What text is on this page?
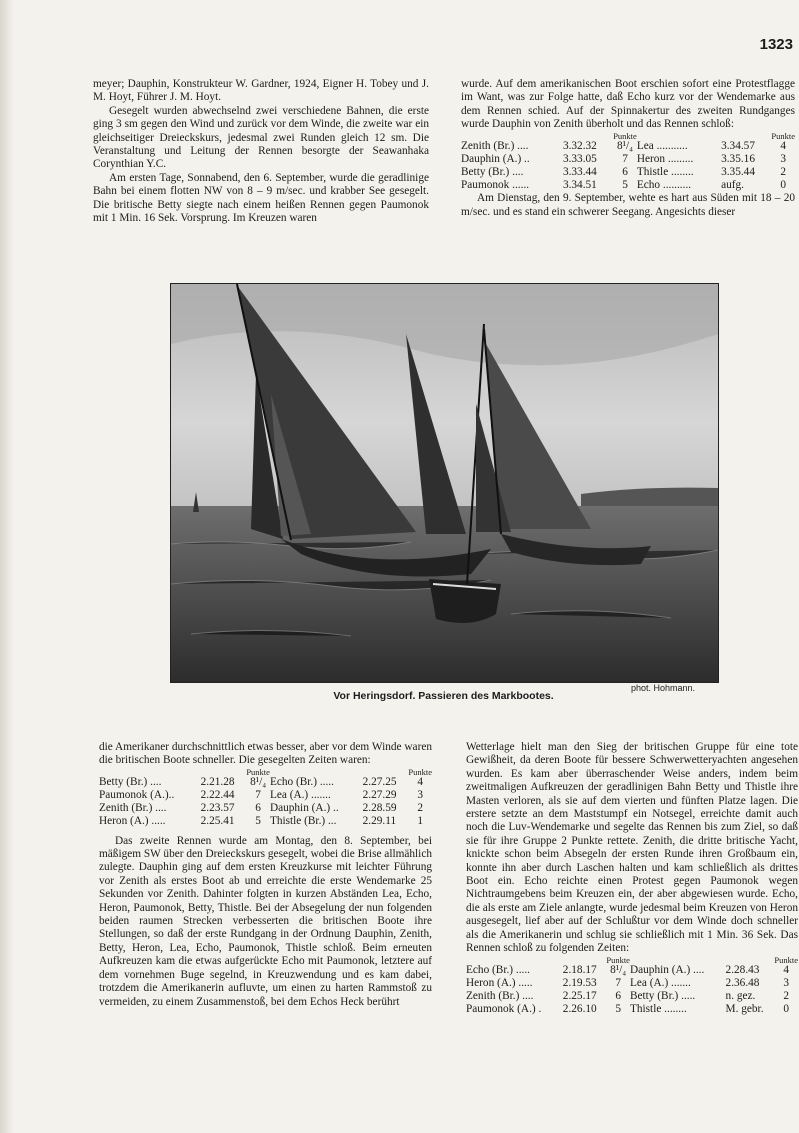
1323

meyer; Dauphin, Konstrukteur W. Gardner, 1924, Eigner H. Tobey und J. M. Hoyt, Führer J. M. Hoyt.

Gesegelt wurden abwechselnd zwei verschiedene Bahnen, die erste ging 3 sm gegen den Wind und zurück vor dem Winde, die zweite war ein gleichseitiger Dreieckskurs, jedesmal zwei Runden gleich 12 sm. Die Veranstaltung und Leitung der Rennen besorgte der Seawanhaka Corynthian Y.C.

Am ersten Tage, Sonnabend, den 6. September, wurde die geradlinige Bahn bei einem flotten NW von 8 – 9 m/sec. und krabber See gesegelt. Die britische Betty siegte nach einem heißen Rennen gegen Paumonok mit 1 Min. 16 Sek. Vorsprung. Im Kreuzen waren

wurde. Auf dem amerikanischen Boot erschien sofort eine Protestflagge im Want, was zur Folge hatte, daß Echo kurz vor der Wendemarke aus dem Rennen schied. Auf der Spinnakertur des zweiten Rundganges wurde Dauphin von Zenith überholt und das Rennen schloß:

		Punkte			Punkte
Zenith (Br.) ....	3.32.32	8¹/₄	Lea ...........	3.34.57	4
Dauphin (A.) ..	3.33.05	7	Heron .........	3.35.16	3
Betty (Br.) ....	3.33.44	6	Thistle ........	3.35.44	2
Paumonok ......	3.34.51	5	Echo ..........	aufg.	0

Am Dienstag, den 9. September, wehte es hart aus Süden mit 18 – 20 m/sec. und es stand ein schwerer Seegang. Angesichts dieser

Vor Heringsdorf. Passieren des Markbootes.
phot. Hohmann.

die Amerikaner durchschnittlich etwas besser, aber vor dem Winde waren die britischen Boote schneller. Die gesegelten Zeiten waren:

		Punkte			Punkte
Betty (Br.) ....	2.21.28	8¹/₄	Echo (Br.) .....	2.27.25	4
Paumonok (A.)..	2.22.44	7	Lea (A.) .......	2.27.29	3
Zenith (Br.) ....	2.23.57	6	Dauphin (A.) ..	2.28.59	2
Heron (A.) .....	2.25.41	5	Thistle (Br.) ...	2.29.11	1

Das zweite Rennen wurde am Montag, den 8. September, bei mäßigem SW über den Dreieckskurs gesegelt, wobei die Brise allmählich zulegte. Dauphin ging auf dem ersten Kreuzkurse mit leichter Führung vor Zenith als erstes Boot ab und erreichte die erste Wendemarke 25 Sekunden vor Zenith. Dahinter folgten in kurzen Abständen Lea, Echo, Heron, Paumonok, Betty, Thistle. Bei der Absegelung der nun folgenden beiden raumen Strecken verbesserten die britischen Boote ihre Stellungen, so daß der erste Rundgang in der Ordnung Dauphin, Zenith, Betty, Heron, Lea, Echo, Paumonok, Thistle schloß. Beim erneuten Aufkreuzen kam die etwas aufgerückte Echo mit Paumonok, letztere auf dem vornehmen Buge segelnd, in Kreuzwendung und es kam dabei, trotzdem die Amerikanerin aufluvte, um einen zu harten Rammstoß zu vermeiden, zu einem Zusammenstoß, bei dem Echos Heck berührt

Wetterlage hielt man den Sieg der britischen Gruppe für eine tote Gewißheit, da deren Boote für bessere Schwerwetteryachten angesehen wurden. Es kam aber überraschender Weise anders, indem beim zweitmaligen Aufkreuzen der geradlinigen Bahn Betty und Thistle ihre Masten verloren, als sie auf dem vierten und fünften Platze lagen. Die erstere setzte an dem Maststumpf ein Notsegel, erreichte damit auch noch die Luv-Wendemarke und segelte das Rennen bis zum Ziel, so daß sie für ihre Gruppe 2 Punkte rettete. Zenith, die dritte britische Yacht, knickte schon beim Absegeln der ersten Runde ihren Großbaum ein, konnte ihn aber durch Laschen halten und kam schließlich als drittes Boot ein. Echo reichte einen Protest gegen Paumonok wegen Nichtraumgebens beim Kreuzen ein, der aber abgewiesen wurde. Echo, die als erste am Ziele anlangte, wurde jedesmal beim Kreuzen von Heron ausgesegelt, lief aber auf der Schlußtur vor dem Winde doch schneller als die Amerikanerin und schlug sie schließlich mit 1 Min. 36 Sek. Das Rennen schloß zu folgenden Zeiten:

		Punkte			Punkte
Echo (Br.) .....	2.18.17	8¹/₄	Dauphin (A.) ....	2.28.43	4
Heron (A.) .....	2.19.53	7	Lea (A.) .......	2.36.48	3
Zenith (Br.) ....	2.25.17	6	Betty (Br.) .....	n. gez.	2
Paumonok (A.) .	2.26.10	5	Thistle ........	M. gebr.	0
